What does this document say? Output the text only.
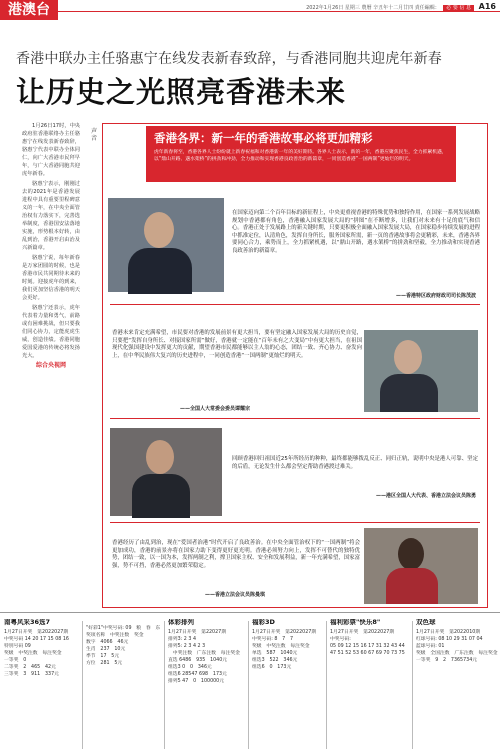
港澳台	2022年1月26日 星期三 農曆 辛丑年十二月廿四 責任編輯： 必 要 信 息 A16
香港中联办主任骆惠宁在线发表新春致辞，与香港同胞共迎虎年新春
让历史之光照亮香港未来

1月26日17时，中央政府驻香港联络办主任骆惠宁在线发表新春致辞，骆惠宁代表中联办全体同仁，向广大香港市民拜早年，与广大香港同胞共迎虎年新春。

骆惠宁表示，刚刚过去的2021年是香港发展进程中具有重要里程碑意义的一年，在中央全面管治权有力落实下，完善选举制度，香港国安法落地实施，形势根本好转，由乱到治，香港开启由治及兴新篇章。

骆惠宁说，每年新春是万家团圆的时候，也是香港市民共同期待未来的时刻。迎接虎年的到来，我们更加坚信香港的明天会更好。

骆惠宁还表示，虎年代表着力量和勇气，前路或有困难挑战，但只要我们同心协力，定能虎虎生威，创造佳绩。香港同胞爱国爱港的传统必将发扬光大。

综合央视网
声音	香港各界：新一年的香港故事必将更加精彩
虎年新春将至，香港各界人士纷纷就上新春祝福和对香港新一年的美好期待。各界人士表示，新的一年，香港应聚焦民生，全力抓紧机遇，以“鼎山开路、遇水架桥”的拼劲和冲劲，全力推动和实现香港良政善治的新篇章，一同创造香港“一国两制”更灿烂的明天。
在国家迈向第二个百年目标的新征程上，中央更重视香港的特殊优势和独特作用，在国家一系列发展战略规划中香港都有角色，香港融入国家发展大局的“拼图”在不断增多，让我们对未来有十足的底气和信心。香港正处于发展路上的新关键时期，只要更积极全面融入国家发展大局，在国家稳步持续发展的进程中抓准定位，认清角色，发挥自身所长，服务国家所需，新一页的香港故事将会更精彩，未来，香港各界要同心合力，乘势而上，全力抓紧机遇，以“鼎山开路，遇水架桥”的拼劲和坚毅，全力推动和实现香港良政善治的新篇章。
——香港特区政府财政司司长陈茂波
香港未来肯定充满希望，市民要对香港的发展前景有更大担当，要有坚定融入国家发展大局的历史自觉，只要把“发挥自身所长、对接国家所需”做好，香港就一定能在“百年未有之大变局”中有更大担当，在祖国现代化强国建设中发挥更大的贡献，期望香港市民都能够以主人翁的心态，团结一致、齐心协力、奋发向上，在中华民族伟大复兴的历史进程中，一同创造香港“一国两制”更灿烂的明天。
——全国人大常委会委员谭耀宗
回顾香港回归祖国近25年所经历的种种，最终都能够拨乱反正、同归正轨，说明中央是港人可靠、坚定的后盾，无论发生什么都会坚定帮助香港渡过难关。
——港区全国人大代表、香港立法会议员陈勇
香港经历了由乱到治，现在“爱国者治港”时代开启了良政善治。在中央全面管治权下的“一国两制”将会更加成功，香港的前景亦将在国家力助下变得更好更光明。香港必须努力向上，发挥不可替代的独特优势，团结一致，以一国为本，发挥两制之利，撑卫国家主权、安全和发展利益，新一年充满希望，国家富强，势不可挡，香港必然更加繁荣稳定。
——香港立法会议员陈曼琪
南粤风采36选7
1月27日开奖　第2022027期
中奖号码 14 20 17 15 08 16
特别号码 09
奖级　中奖注数　每注奖金
一等奖　0
二等奖　2　465　42元
三等奖　3　911　337元
"好彩1"中奖号码: 09　粮　春　东
奖项名称　中奖注数　奖金
数字　4066　46元
生肖　237　10元
季节　17　5元
方位　281　5元
体彩排列
1月27日开奖　第22027期
排列3: 2 3 4
排列5: 2 3 4 2 3
　中奖注数　广东注数　每注奖金
直选 6486　935　1040元
组选3 0　0　346元
组选6 28547 698　173元
排列5 47　0　100000元
福彩3D
1月27日开奖　第2022027期
中奖号码: 8　7　7
奖级　中奖注数　每注奖金
单选　587　1040元
组选3　522　346元
组选6　0　173元
福利彩票"快乐8"
1月27日开奖　第2022027期
中奖号码:
05 09 12 15 16 17 31 32 43 44
47 51 52 53 60 67 69 70 73 75
双色球
1月27日开奖　第2022010期
红球号码: 08 10 29 31 07 04
蓝球号码: 01
奖级　全国注数　广东注数　每注奖金
一等奖　9　2　7365734元
